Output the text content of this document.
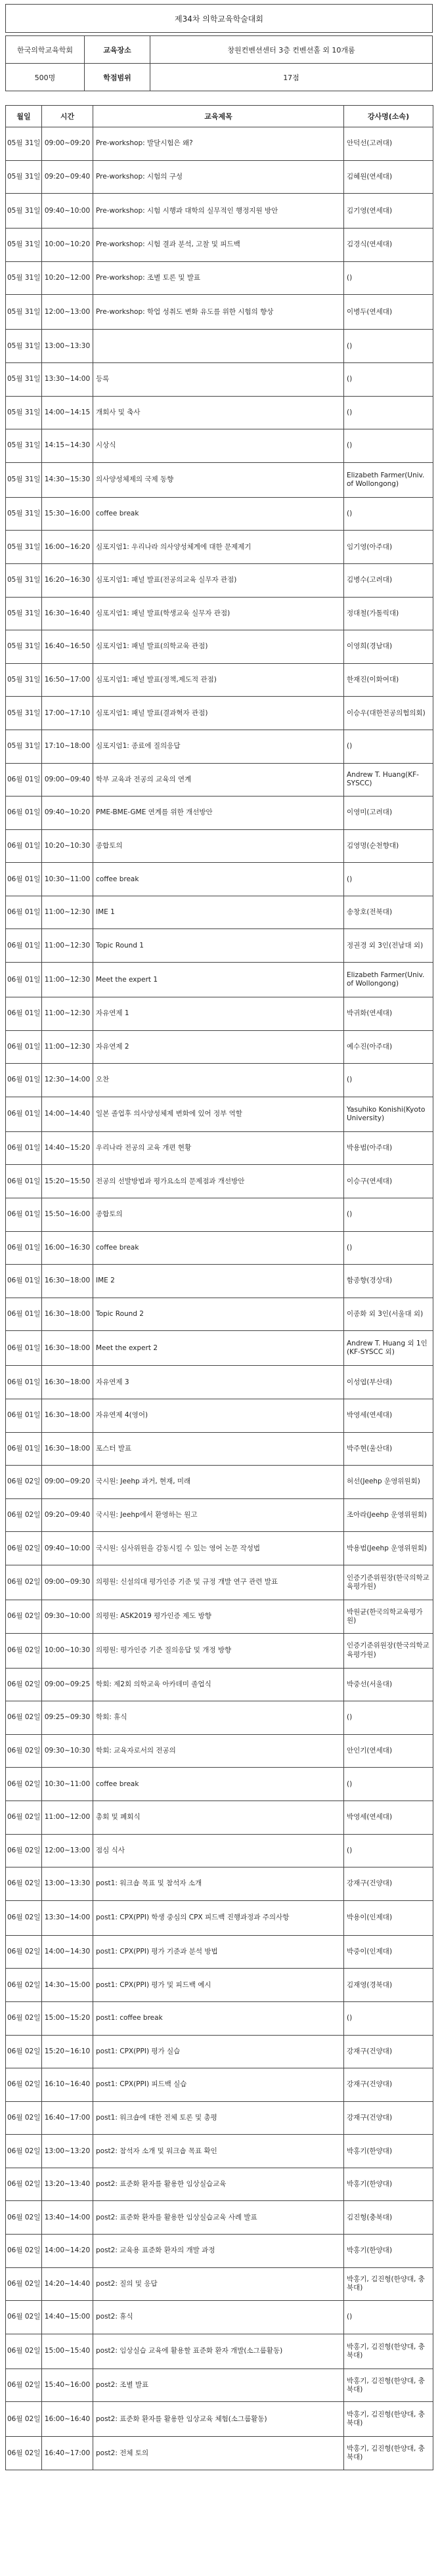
제34차 의학교육학술대회
한국의학교육학회	교육장소	창원컨벤션센터 3층 컨벤션홀 외 10개룸
500명	학점범위	17점
월일	시간	교육제목	강사명(소속)
05월 31일	09:00~09:20	Pre-workshop: 발달시험은 왜?	안덕선(고려대)
05월 31일	09:20~09:40	Pre-workshop: 시험의 구성	김혜원(연세대)
05월 31일	09:40~10:00	Pre-workshop: 시험 시행과 대학의 실무적인 행정지원 방안	김기영(연세대)
05월 31일	10:00~10:20	Pre-workshop: 시험 결과 분석, 고찰 및 피드백	김경식(연세대)
05월 31일	10:20~12:00	Pre-workshop: 조별 토론 및 발표	()
05월 31일	12:00~13:00	Pre-workshop: 학업 성취도 변화 유도를 위한 시험의 향상	이병두(연세대)
05월 31일	13:00~13:30		()
05월 31일	13:30~14:00	등록	()
05월 31일	14:00~14:15	개회사 및 축사	()
05월 31일	14:15~14:30	시상식	()
05월 31일	14:30~15:30	의사양성체제의 국제 동향	Elizabeth Farmer(Univ. of Wollongong)
05월 31일	15:30~16:00	coffee break	()
05월 31일	16:00~16:20	심포지엄1: 우리나라 의사양성체계에 대한 문제제기	임기영(아주대)
05월 31일	16:20~16:30	심포지엄1: 패널 발표(전공의교육 실무자 관점)	김병수(고려대)
05월 31일	16:30~16:40	심포지엄1: 패널 발표(학생교육 실무자 관점)	정대철(가톨릭대)
05월 31일	16:40~16:50	심포지엄1: 패널 발표(의학교육 관점)	이영희(경남대)
05월 31일	16:50~17:00	심포지엄1: 패널 발표(정책,제도적 관점)	한재진(이화여대)
05월 31일	17:00~17:10	심포지엄1: 패널 발표(결과혁자 관점)	이승우(대한전공의협의회)
05월 31일	17:10~18:00	심포지엄1: 종료에 질의응답	()
06월 01일	09:00~09:40	학부 교육과 전공의 교육의 연계	Andrew T. Huang(KF-SYSCC)
06월 01일	09:40~10:20	PME-BME-GME 연계를 위한 개선방안	이영미(고려대)
06월 01일	10:20~10:30	종합토의	김영명(순천향대)
06월 01일	10:30~11:00	coffee break	()
06월 01일	11:00~12:30	IME 1	송창호(전북대)
06월 01일	11:00~12:30	Topic Round 1	정권경 외 3인(전남대 외)
06월 01일	11:00~12:30	Meet the expert 1	Elizabeth Farmer(Univ. of Wollongong)
06월 01일	11:00~12:30	자유연제 1	박귀화(연세대)
06월 01일	11:00~12:30	자유연제 2	예수진(아주대)
06월 01일	12:30~14:00	오찬	()
06월 01일	14:00~14:40	일본 졸업후 의사양성체제 변화에 있어 정부 역할	Yasuhiko Konishi(Kyoto University)
06월 01일	14:40~15:20	우리나라 전공의 교육 개편 현황	박용범(아주대)
06월 01일	15:20~15:50	전공의 선발방법과 평가요소의 문제점과 개선방안	이승구(연세대)
06월 01일	15:50~16:00	종합토의	()
06월 01일	16:00~16:30	coffee break	()
06월 01일	16:30~18:00	IME 2	함종향(경상대)
06월 01일	16:30~18:00	Topic Round 2	이종화 외 3인(서울대 외)
06월 01일	16:30~18:00	Meet the expert 2	Andrew T. Huang 외 1인(KF-SYSCC 외)
06월 01일	16:30~18:00	자유연제 3	이성엽(부산대)
06월 01일	16:30~18:00	자유연제 4(영어)	박영세(연세대)
06월 01일	16:30~18:00	포스터 발표	박주현(울산대)
06월 02일	09:00~09:20	국시원: Jeehp 과거, 현재, 미래	허선(Jeehp 운영위원회)
06월 02일	09:20~09:40	국시원: Jeehp에서 환영하는 원고	조아라(Jeehp 운영위원회)
06월 02일	09:40~10:00	국시원: 심사위원을 감동시킬 수 있는 영어 논문 작성법	박용범(Jeehp 운영위원회)
06월 02일	09:00~09:30	의평원: 신설의대 평가인증 기준 및 규정 개발 연구 관련 발표	인증기준위원장(한국의학교육평가원)
06월 02일	09:30~10:00	의평원: ASK2019 평가인증 제도 방향	박원균(한국의학교육평가원)
06월 02일	10:00~10:30	의평원: 평가인증 기준 질의응답 및 개정 방향	인증기준위원장(한국의학교육평가원)
06월 02일	09:00~09:25	학회: 제2회 의학교육 아카데미 졸업식	박중선(서울대)
06월 02일	09:25~09:30	학회: 휴식	()
06월 02일	09:30~10:30	학회: 교육자로서의 전공의	안인기(연세대)
06월 02일	10:30~11:00	coffee break	()
06월 02일	11:00~12:00	총회 및 폐회식	박영세(연세대)
06월 02일	12:00~13:00	점심 식사	()
06월 02일	13:00~13:30	post1: 워크숍 목표 및 참석자 소개	강재구(건양대)
06월 02일	13:30~14:00	post1: CPX(PPI) 학생 중심의 CPX 피드백 진행과정과 주의사항	박용이(인제대)
06월 02일	14:00~14:30	post1: CPX(PPI) 평가 기준과 분석 방법	박중이(인제대)
06월 02일	14:30~15:00	post1: CPX(PPI) 평가 및 피드백 예시	김재영(경북대)
06월 02일	15:00~15:20	post1: coffee break	()
06월 02일	15:20~16:10	post1: CPX(PPI) 평가 실습	강재구(건양대)
06월 02일	16:10~16:40	post1: CPX(PPI) 피드백 실습	강재구(건양대)
06월 02일	16:40~17:00	post1: 워크숍에 대한 전체 토론 및 총평	강재구(건양대)
06월 02일	13:00~13:20	post2: 참석자 소개 및 워크숍 목표 확인	박홍기(한양대)
06월 02일	13:20~13:40	post2: 표준화 환자를 활용한 임상실습교육	박홍기(한양대)
06월 02일	13:40~14:00	post2: 표준화 환자를 활용한 임상실습교육 사례 발표	김진형(충북대)
06월 02일	14:00~14:20	post2: 교육용 표준화 환자의 개발 과정	박홍기(한양대)
06월 02일	14:20~14:40	post2: 질의 및 응답	박홍기, 김진형(한양대, 충북대)
06월 02일	14:40~15:00	post2: 휴식	()
06월 02일	15:00~15:40	post2: 임상실습 교육에 활용할 표준화 환자 개발(소그룹활동)	박홍기, 김진형(한양대, 충북대)
06월 02일	15:40~16:00	post2: 조별 발표	박홍기, 김진형(한양대, 충북대)
06월 02일	16:00~16:40	post2: 표준화 환자를 활용한 임상교육 체험(소그룹활동)	박홍기, 김진형(한양대, 충북대)
06월 02일	16:40~17:00	post2: 전체 토의	박홍기, 김진형(한양대, 충북대)
